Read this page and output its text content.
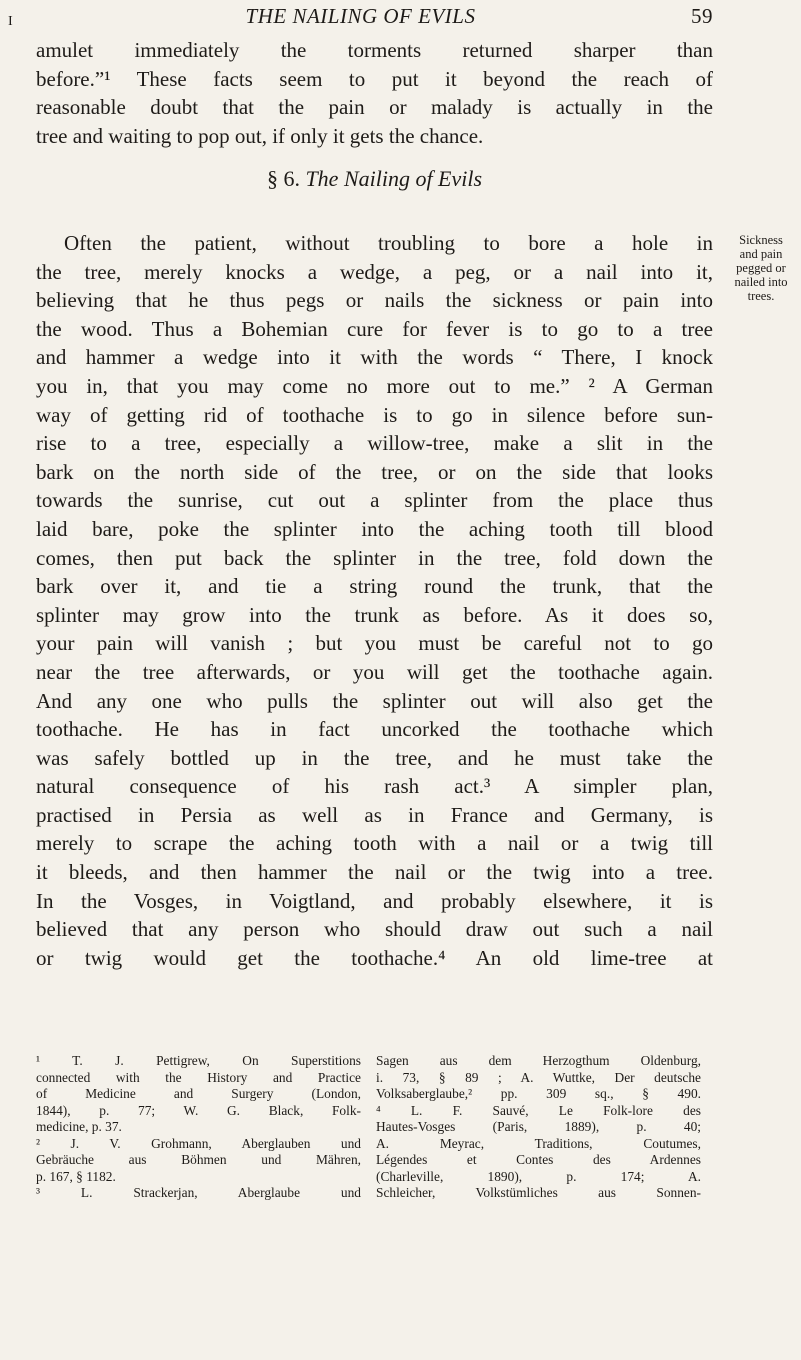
I	THE NAILING OF EVILS	59
amulet immediately the torments returned sharper than
before.”¹ These facts seem to put it beyond the reach of
reasonable doubt that the pain or malady is actually in the
tree and waiting to pop out, if only it gets the chance.
§ 6. The Nailing of Evils
Often the patient, without troubling to bore a hole in
the tree, merely knocks a wedge, a peg, or a nail into it,
believing that he thus pegs or nails the sickness or pain into
the wood. Thus a Bohemian cure for fever is to go to a tree
and hammer a wedge into it with the words “ There, I knock
you in, that you may come no more out to me.” ² A German
way of getting rid of toothache is to go in silence before sun-
rise to a tree, especially a willow-tree, make a slit in the
bark on the north side of the tree, or on the side that looks
towards the sunrise, cut out a splinter from the place thus
laid bare, poke the splinter into the aching tooth till blood
comes, then put back the splinter in the tree, fold down the
bark over it, and tie a string round the trunk, that the
splinter may grow into the trunk as before. As it does so,
your pain will vanish ; but you must be careful not to go
near the tree afterwards, or you will get the toothache again.
And any one who pulls the splinter out will also get the
toothache. He has in fact uncorked the toothache which
was safely bottled up in the tree, and he must take the
natural consequence of his rash act.³ A simpler plan,
practised in Persia as well as in France and Germany, is
merely to scrape the aching tooth with a nail or a twig till
it bleeds, and then hammer the nail or the twig into a tree.
In the Vosges, in Voigtland, and probably elsewhere, it is
believed that any person who should draw out such a nail
or twig would get the toothache.⁴ An old lime-tree at
Sickness
and pain
pegged or
nailed into
trees.
¹ T. J. Pettigrew, On Superstitions
connected with the History and Practice
of Medicine and Surgery (London,
1844), p. 77; W. G. Black, Folk-
medicine, p. 37.
² J. V. Grohmann, Aberglauben und
Gebräuche aus Böhmen und Mähren,
p. 167, § 1182.
³ L. Strackerjan, Aberglaube und
Sagen aus dem Herzogthum Oldenburg,
i. 73, § 89 ; A. Wuttke, Der deutsche
Volksaberglaube,² pp. 309 sq., § 490.
⁴ L. F. Sauvé, Le Folk-lore des
Hautes-Vosges (Paris, 1889), p. 40;
A. Meyrac, Traditions, Coutumes,
Légendes et Contes des Ardennes
(Charleville, 1890), p. 174; A.
Schleicher, Volkstümliches aus Sonnen-
